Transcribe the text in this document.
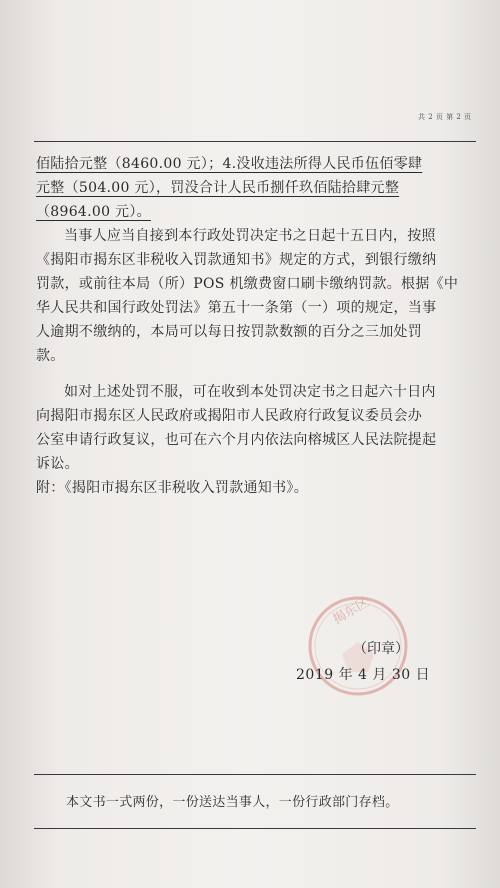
共 2 页 第 2 页
佰陆拾元整（8460.00 元）；4.没收违法所得人民币伍佰零肆
元整（504.00 元），罚没合计人民币捌仟玖佰陆拾肆元整
（8964.00 元）。
当事人应当自接到本行政处罚决定书之日起十五日内，按照
《揭阳市揭东区非税收入罚款通知书》规定的方式，到银行缴纳
罚款，或前往本局（所）POS 机缴费窗口刷卡缴纳罚款。根据《中
华人民共和国行政处罚法》第五十一条第（一）项的规定，当事
人逾期不缴纳的，本局可以每日按罚款数额的百分之三加处罚
款。
如对上述处罚不服，可在收到本处罚决定书之日起六十日内
向揭阳市揭东区人民政府或揭阳市人民政府行政复议委员会办
公室申请行政复议，也可在六个月内依法向榕城区人民法院提起
诉讼。
附：《揭阳市揭东区非税收入罚款通知书》。
揭东区
（印章）
2019 年 4 月 30 日
本文书一式两份，一份送达当事人，一份行政部门存档。
